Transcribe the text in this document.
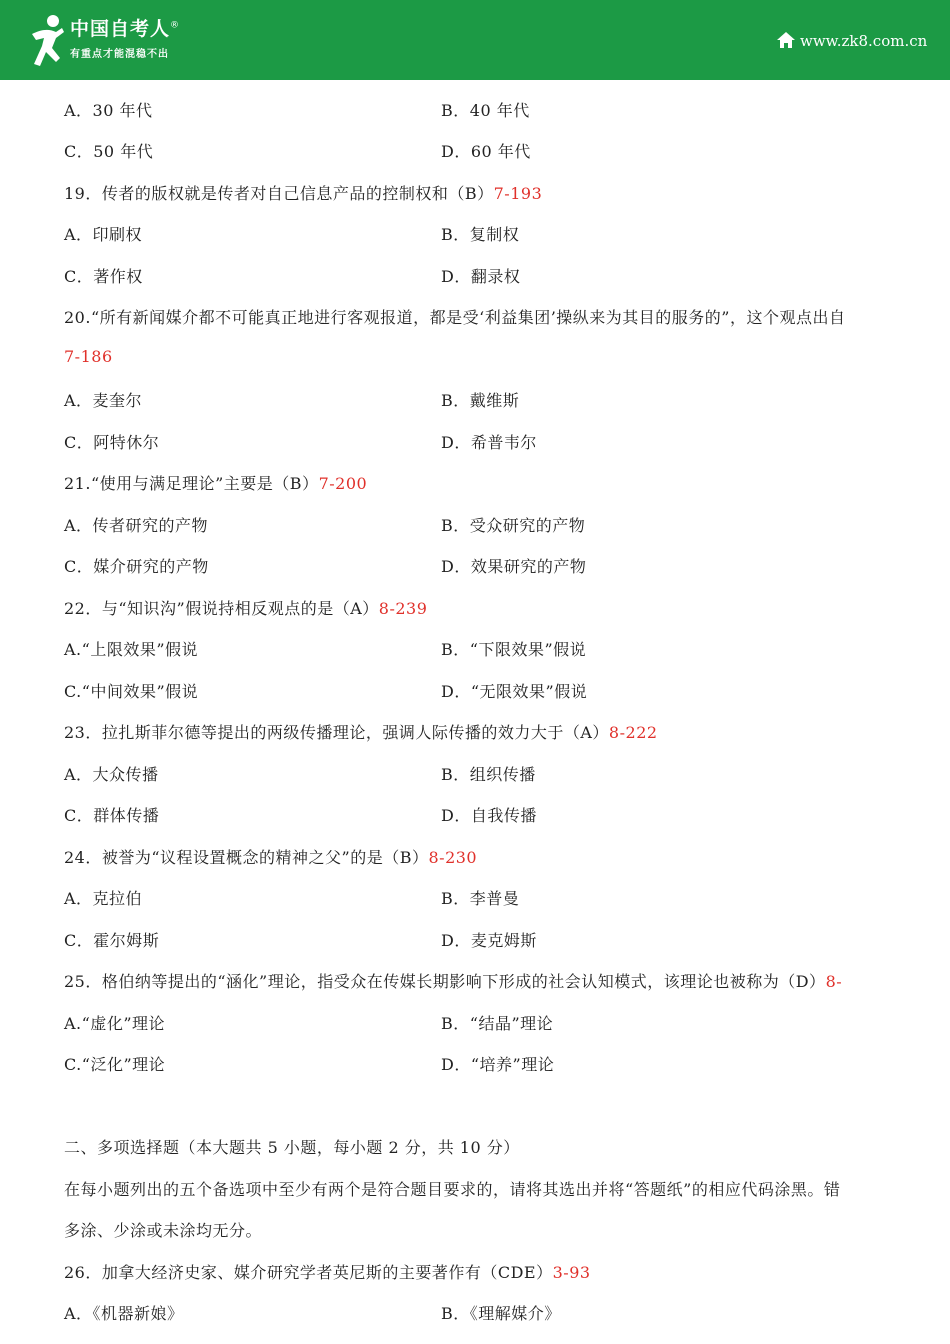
中国自考人®
有重点才能混稳不出
www.zk8.com.cn
A．30 年代	B．40 年代
C．50 年代	D．60 年代
19．传者的版权就是传者对自己信息产品的控制权和（B）7-193
A．印刷权	B．复制权
C．著作权	D．翻录权
20.“所有新闻媒介都不可能真正地进行客观报道，都是受‘利益集团’操纵来为其目的服务的”，这个观点出自
7-186
A．麦奎尔	B．戴维斯
C．阿特休尔	D．希普韦尔
21.“使用与满足理论”主要是（B）7-200
A．传者研究的产物	B．受众研究的产物
C．媒介研究的产物	D．效果研究的产物
22．与“知识沟”假说持相反观点的是（A）8-239
A.“上限效果”假说	B．“下限效果”假说
C.“中间效果”假说	D．“无限效果”假说
23．拉扎斯菲尔德等提出的两级传播理论，强调人际传播的效力大于（A）8-222
A．大众传播	B．组织传播
C．群体传播	D．自我传播
24．被誉为“议程设置概念的精神之父”的是（B）8-230
A．克拉伯	B．李普曼
C．霍尔姆斯	D．麦克姆斯
25．格伯纳等提出的“涵化”理论，指受众在传媒长期影响下形成的社会认知模式，该理论也被称为（D）8-
A.“虚化”理论	B．“结晶”理论
C.“泛化”理论	D．“培养”理论
二、多项选择题（本大题共 5 小题，每小题 2 分，共 10 分）
在每小题列出的五个备选项中至少有两个是符合题目要求的，请将其选出并将“答题纸”的相应代码涂黑。错
多涂、少涂或未涂均无分。
26．加拿大经济史家、媒介研究学者英尼斯的主要著作有（CDE）3-93
A．《机器新娘》	B．《理解媒介》
